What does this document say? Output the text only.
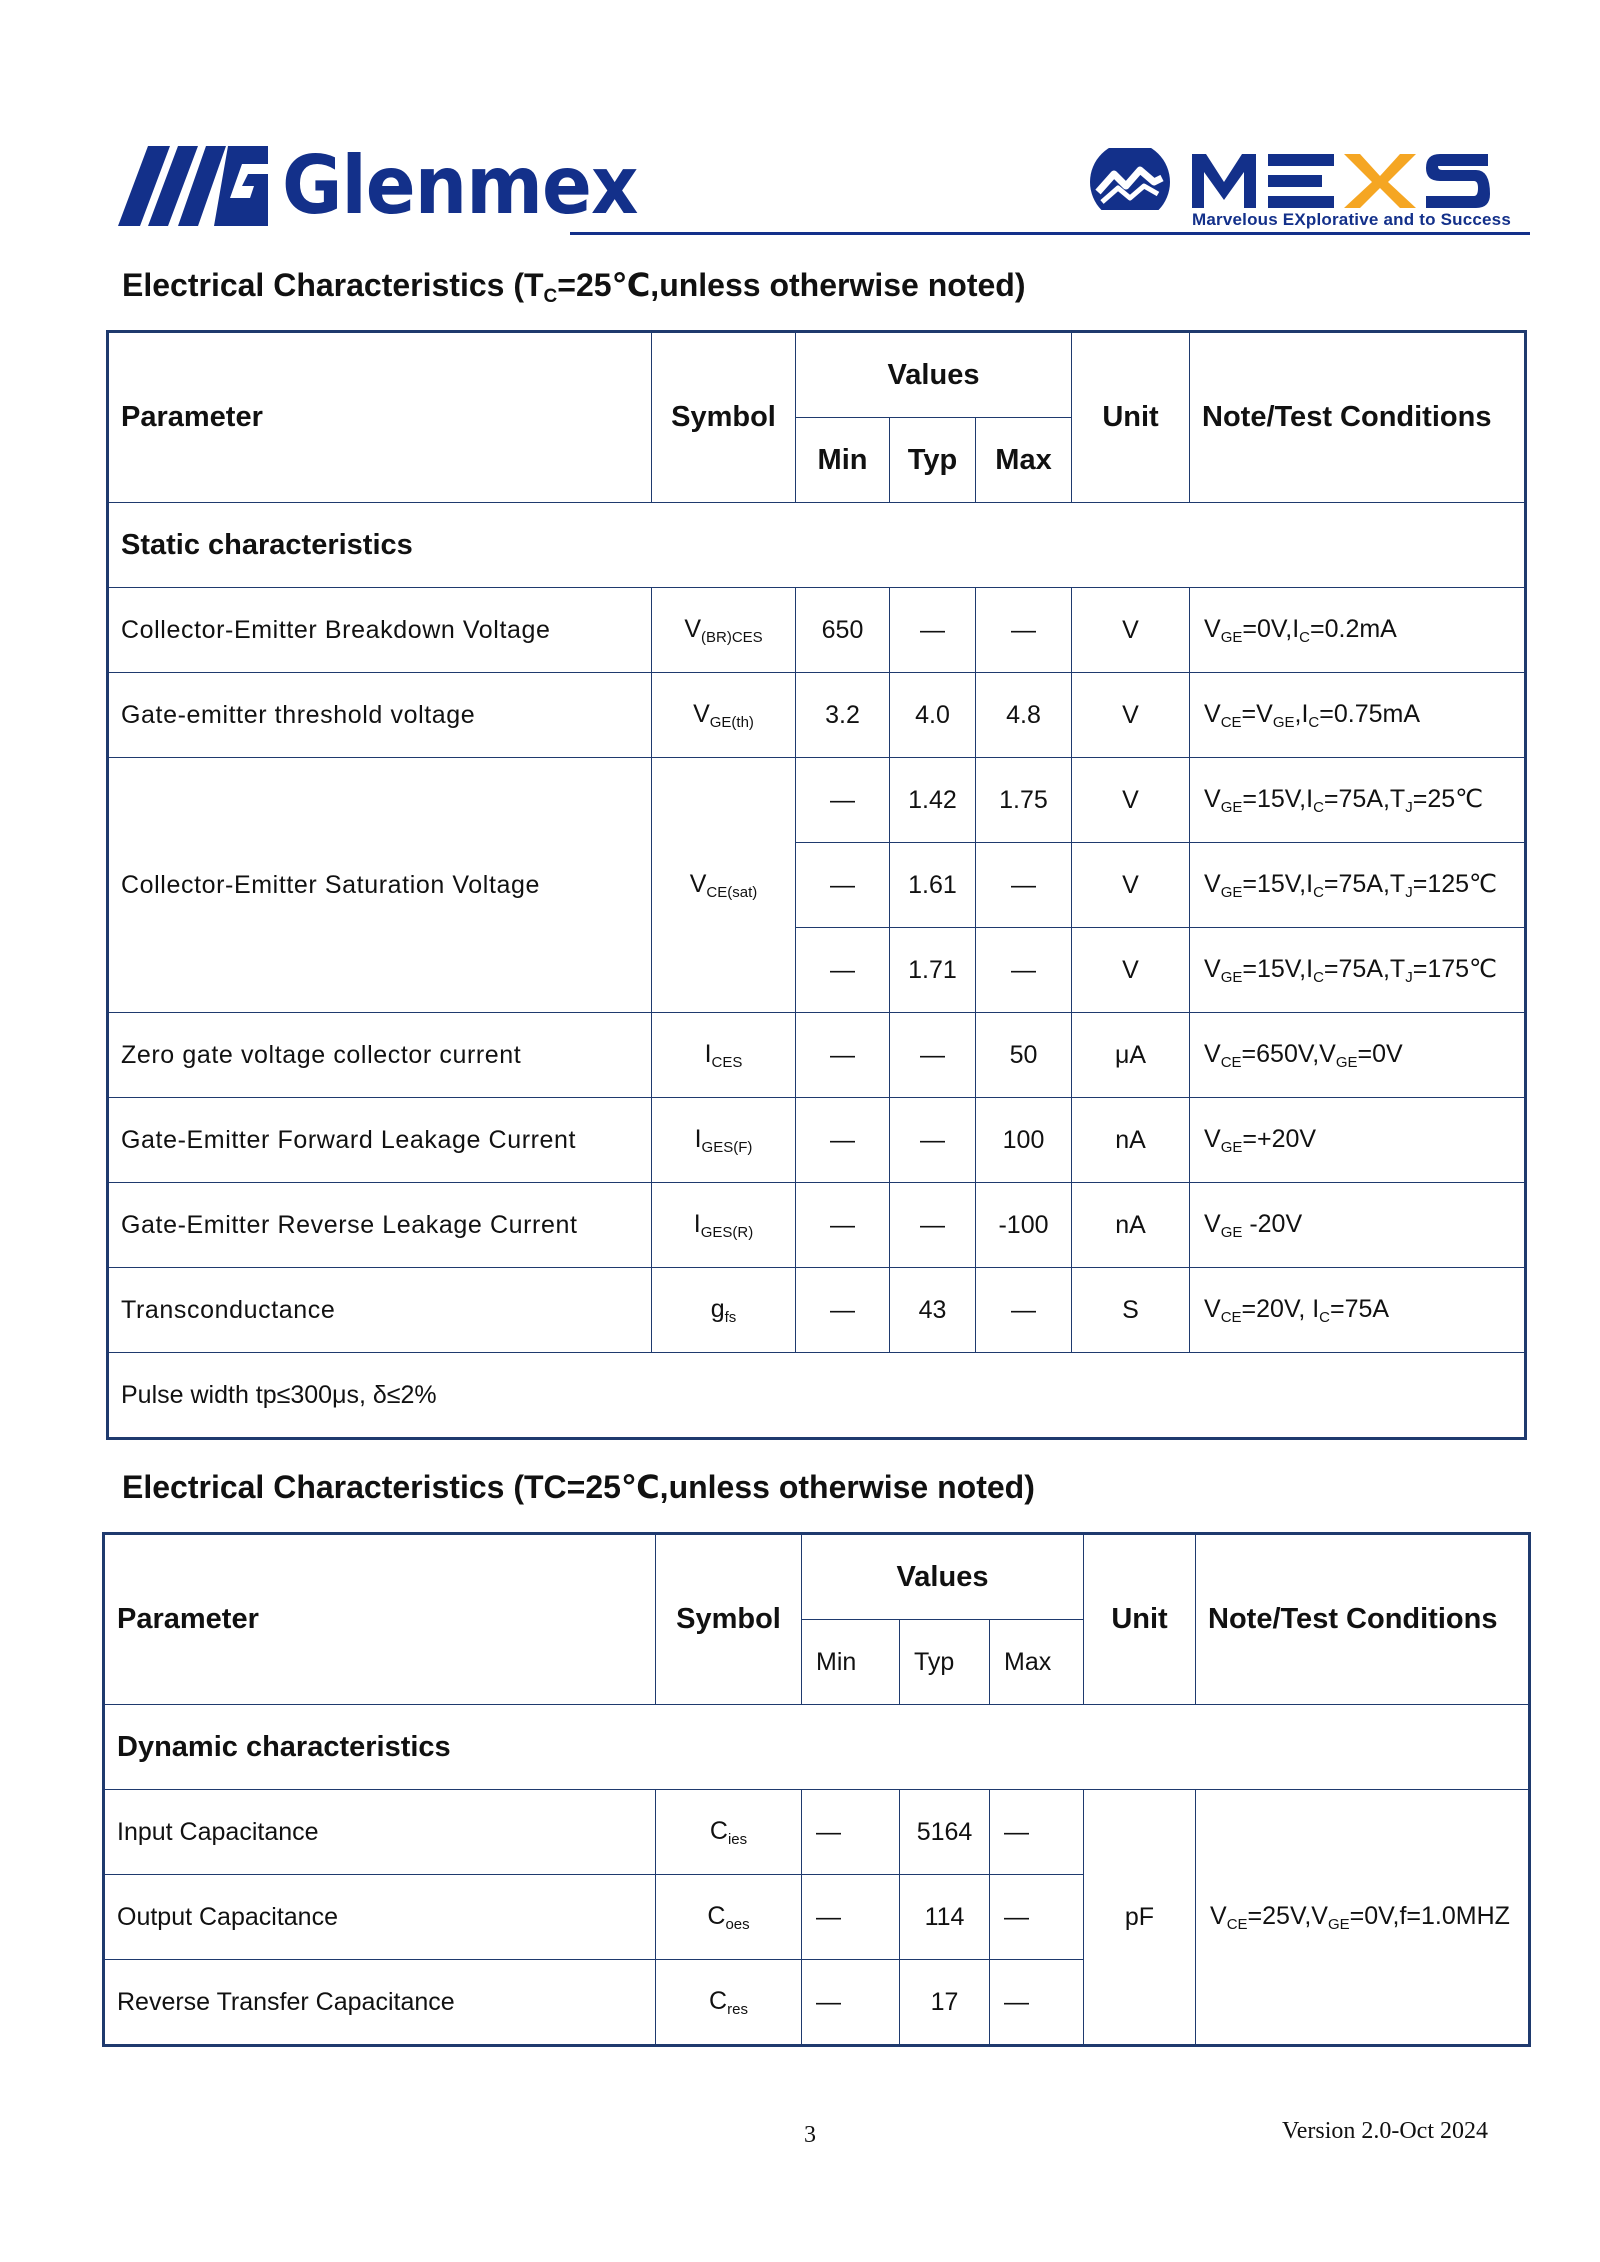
Glenmex	Marvelous EXplorative and to Success
Electrical Characteristics ($T_C=25℃,unless$ otherwise noted)
Parameter	Symbol	Values			Unit	Note/Test Conditions
		Min	Typ	Max		
Static characteristics						
Collector-Emitter Breakdown Voltage	$V_{(BR)CES}$	650	—	—	V	$V_{GE}=0V,I_C=0.2mA$
Gate-emitter threshold voltage	$V_{GE(th)}$	3.2	4.0	4.8	V	$V_{CE}=V_{GE},I_C=0.75mA$
Collector-Emitter Saturation Voltage	$V_{CE(sat)}$	—	1.42	1.75	V	$V_{GE}=15V,I_C=75A,T_J=25℃$
		—	1.61	—	V	$V_{GE}=15V,I_C=75A,T_J=125℃$
		—	1.71	—	V	$V_{GE}=15V,I_C=75A,T_J=175℃$
Zero gate voltage collector current	$I_{CES}$	—	—	50	μA	$V_{CE}=650V,V_{GE}=0V$
Gate-Emitter Forward Leakage Current	$I_{GES(F)}$	—	—	100	nA	$V_{GE}=+20V$
Gate-Emitter Reverse Leakage Current	$I_{GES(R)}$	—	—	-100	nA	$V_{GE}$ -20V
Transconductance	$g_{fs}$	—	43	—	S	$V_{CE}=20V$, $I_C=75A$
Pulse width tp≤300μs, δ≤2%						
Electrical Characteristics (TC=25℃,unless otherwise noted)
Parameter	Symbol	Values			Unit	Note/Test Conditions
		Min	Typ	Max		
Dynamic characteristics						
Input Capacitance	$C_{ies}$	—	5164	—	pF	$V_{CE}=25V,V_{GE}=0V,f=1.0MHZ$
Output Capacitance	$C_{oes}$	—	114	—		
Reverse Transfer Capacitance	$C_{res}$	—	17	—		
3	Version 2.0-Oct 2024
